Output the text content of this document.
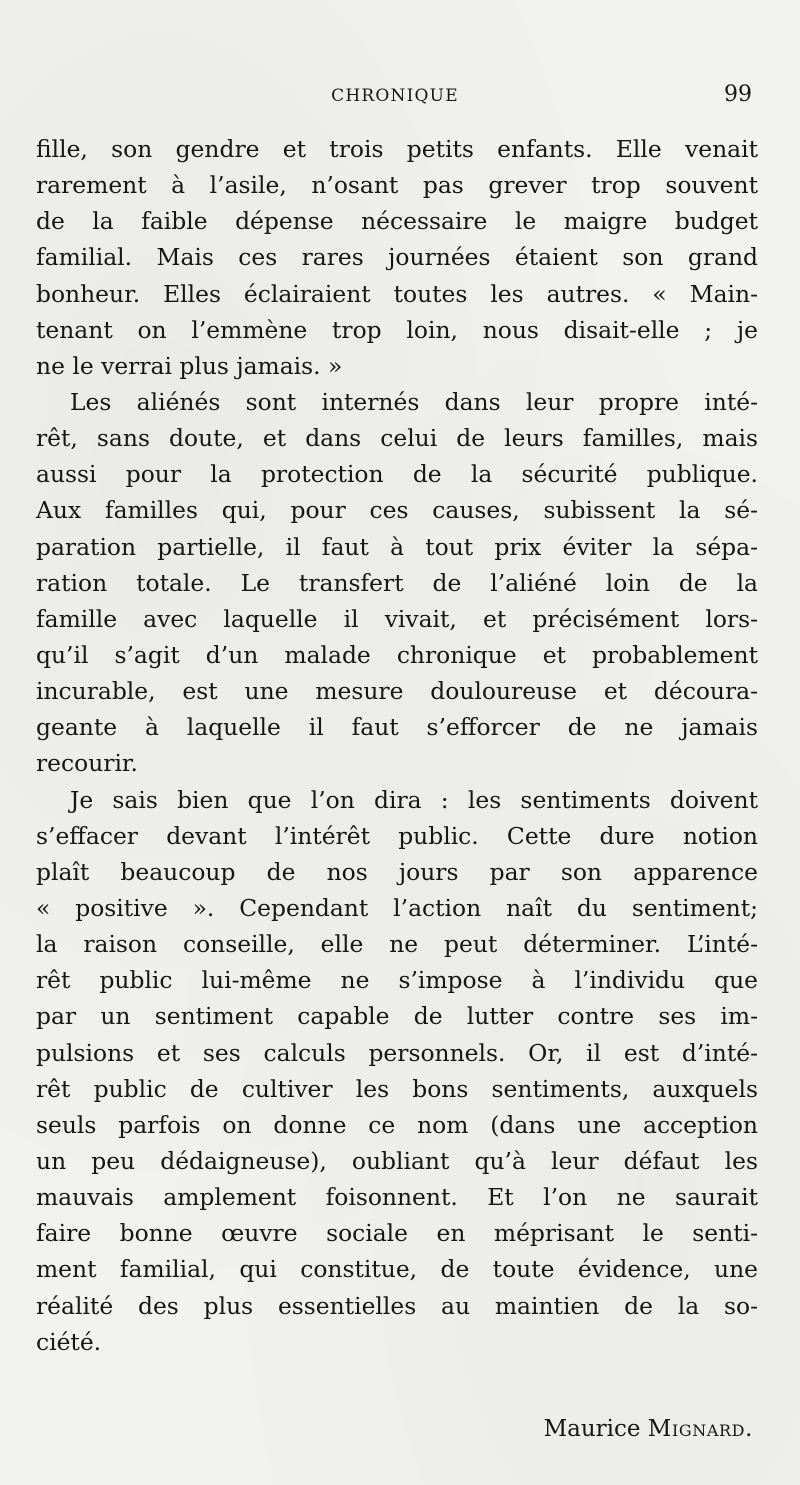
CHRONIQUE	99
fille, son gendre et trois petits enfants. Elle venait
rarement à l’asile, n’osant pas grever trop souvent
de la faible dépense nécessaire le maigre budget
familial. Mais ces rares journées étaient son grand
bonheur. Elles éclairaient toutes les autres. « Main-
tenant on l’emmène trop loin, nous disait-elle ; je
ne le verrai plus jamais. »
Les aliénés sont internés dans leur propre inté-
rêt, sans doute, et dans celui de leurs familles, mais
aussi pour la protection de la sécurité publique.
Aux familles qui, pour ces causes, subissent la sé-
paration partielle, il faut à tout prix éviter la sépa-
ration totale. Le transfert de l’aliéné loin de la
famille avec laquelle il vivait, et précisément lors-
qu’il s’agit d’un malade chronique et probablement
incurable, est une mesure douloureuse et découra-
geante à laquelle il faut s’efforcer de ne jamais
recourir.
Je sais bien que l’on dira : les sentiments doivent
s’effacer devant l’intérêt public. Cette dure notion
plaît beaucoup de nos jours par son apparence
« positive ». Cependant l’action naît du sentiment;
la raison conseille, elle ne peut déterminer. L’inté-
rêt public lui-même ne s’impose à l’individu que
par un sentiment capable de lutter contre ses im-
pulsions et ses calculs personnels. Or, il est d’inté-
rêt public de cultiver les bons sentiments, auxquels
seuls parfois on donne ce nom (dans une acception
un peu dédaigneuse), oubliant qu’à leur défaut les
mauvais amplement foisonnent. Et l’on ne saurait
faire bonne œuvre sociale en méprisant le senti-
ment familial, qui constitue, de toute évidence, une
réalité des plus essentielles au maintien de la so-
ciété.
Maurice Mignard.
